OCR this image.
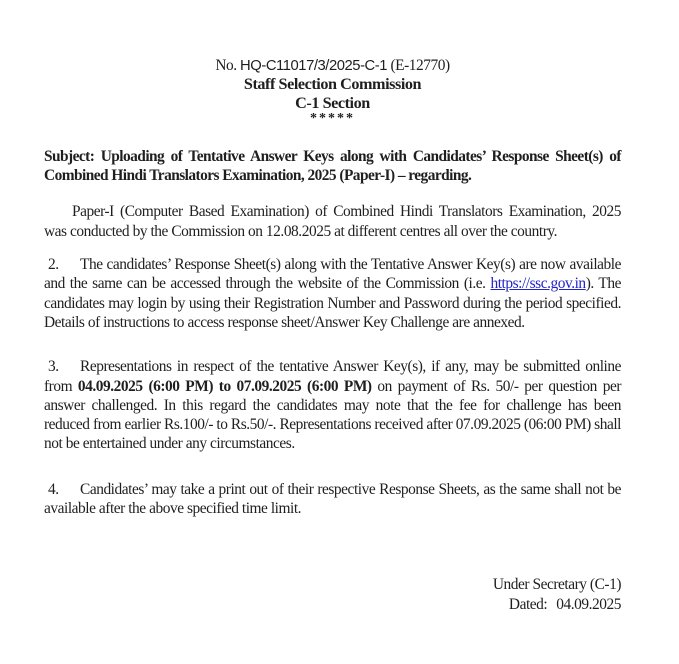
No. HQ-C11017/3/2025-C-1 (E-12770)
Staff Selection Commission
C-1 Section
*****
Subject: Uploading of Tentative Answer Keys along with Candidates’ Response Sheet(s) of Combined Hindi Translators Examination, 2025 (Paper-I) – regarding.
Paper-I (Computer Based Examination) of Combined Hindi Translators Examination, 2025 was conducted by the Commission on 12.08.2025 at different centres all over the country.
2. The candidates’ Response Sheet(s) along with the Tentative Answer Key(s) are now available and the same can be accessed through the website of the Commission (i.e. https://ssc.gov.in). The candidates may login by using their Registration Number and Password during the period specified. Details of instructions to access response sheet/Answer Key Challenge are annexed.
3. Representations in respect of the tentative Answer Key(s), if any, may be submitted online from 04.09.2025 (6:00 PM) to 07.09.2025 (6:00 PM) on payment of Rs. 50/- per question per answer challenged. In this regard the candidates may note that the fee for challenge has been reduced from earlier Rs.100/- to Rs.50/-. Representations received after 07.09.2025 (06:00 PM) shall not be entertained under any circumstances.
4. Candidates’ may take a print out of their respective Response Sheets, as the same shall not be available after the above specified time limit.
Under Secretary (C-1)
Dated: 04.09.2025
